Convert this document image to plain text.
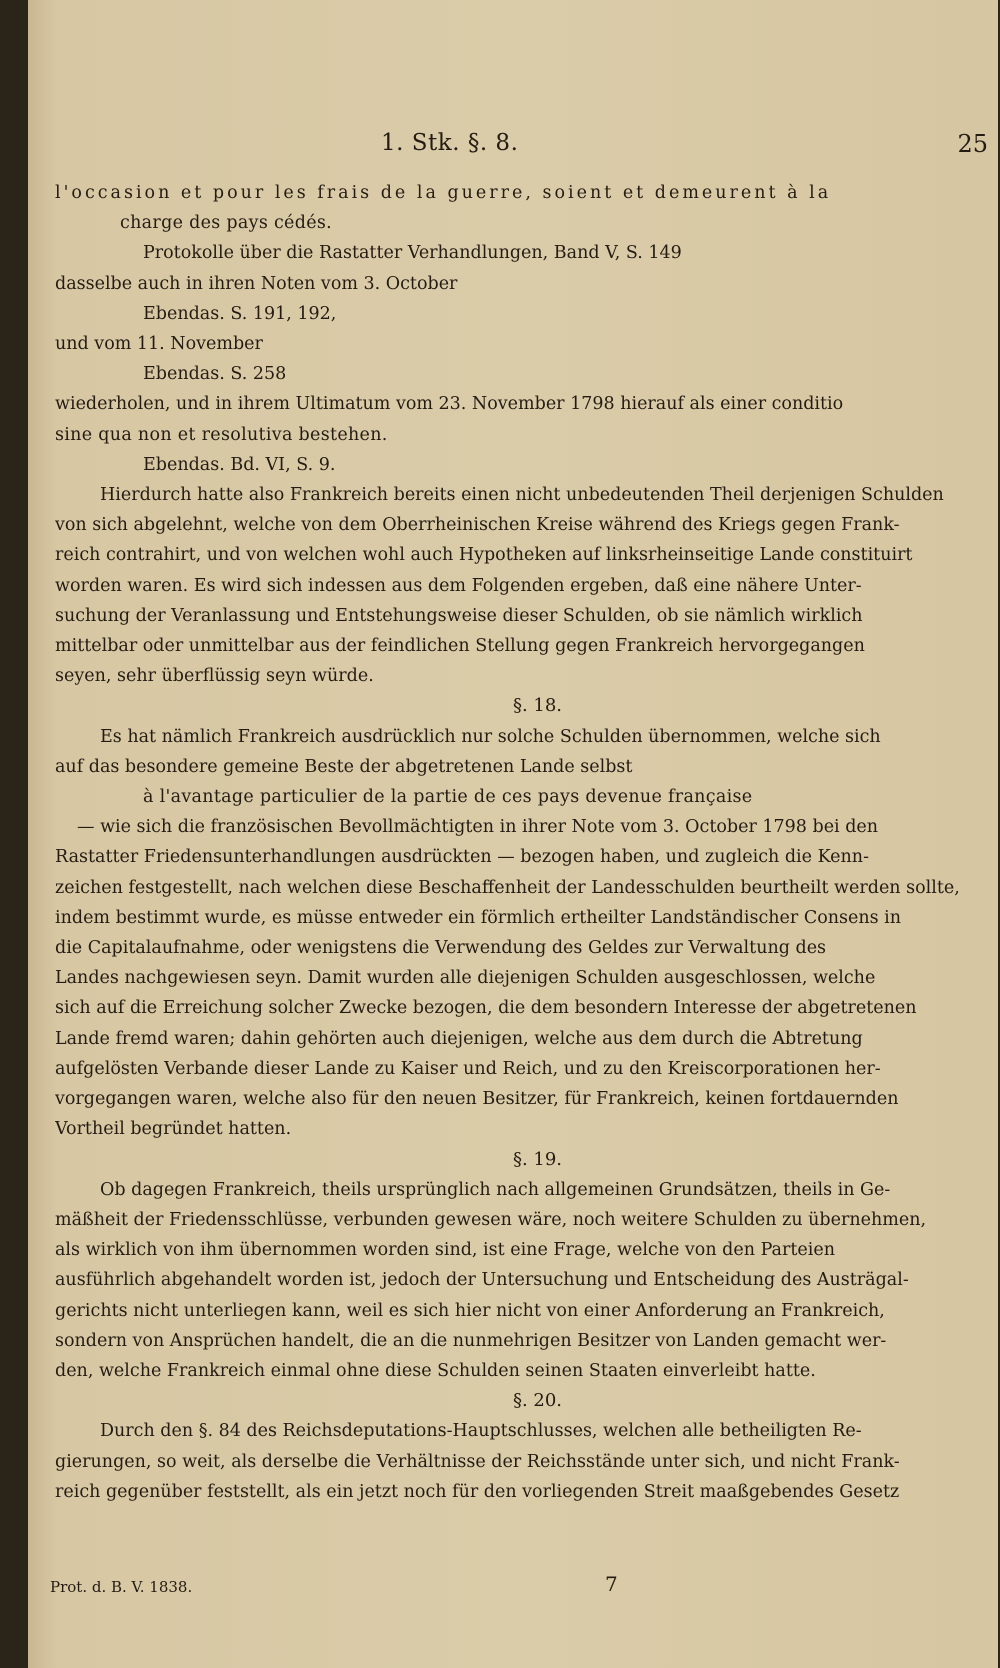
1. Stk. §. 8.	25
l'occasion et pour les frais de la guerre, soient et demeurent à la
charge des pays cédés.
Protokolle über die Rastatter Verhandlungen, Band V, S. 149
dasselbe auch in ihren Noten vom 3. October
Ebendas. S. 191, 192,
und vom 11. November
Ebendas. S. 258
wiederholen, und in ihrem Ultimatum vom 23. November 1798 hierauf als einer conditio
sine qua non et resolutiva bestehen.
Ebendas. Bd. VI, S. 9.
Hierdurch hatte also Frankreich bereits einen nicht unbedeutenden Theil derjenigen Schulden
von sich abgelehnt, welche von dem Oberrheinischen Kreise während des Kriegs gegen Frank-
reich contrahirt, und von welchen wohl auch Hypotheken auf linksrheinseitige Lande constituirt
worden waren. Es wird sich indessen aus dem Folgenden ergeben, daß eine nähere Unter-
suchung der Veranlassung und Entstehungsweise dieser Schulden, ob sie nämlich wirklich
mittelbar oder unmittelbar aus der feindlichen Stellung gegen Frankreich hervorgegangen
seyen, sehr überflüssig seyn würde.
§. 18.
Es hat nämlich Frankreich ausdrücklich nur solche Schulden übernommen, welche sich
auf das besondere gemeine Beste der abgetretenen Lande selbst
à l'avantage particulier de la partie de ces pays devenue française
— wie sich die französischen Bevollmächtigten in ihrer Note vom 3. October 1798 bei den
Rastatter Friedensunterhandlungen ausdrückten — bezogen haben, und zugleich die Kenn-
zeichen festgestellt, nach welchen diese Beschaffenheit der Landesschulden beurtheilt werden sollte,
indem bestimmt wurde, es müsse entweder ein förmlich ertheilter Landständischer Consens in
die Capitalaufnahme, oder wenigstens die Verwendung des Geldes zur Verwaltung des
Landes nachgewiesen seyn. Damit wurden alle diejenigen Schulden ausgeschlossen, welche
sich auf die Erreichung solcher Zwecke bezogen, die dem besondern Interesse der abgetretenen
Lande fremd waren; dahin gehörten auch diejenigen, welche aus dem durch die Abtretung
aufgelösten Verbande dieser Lande zu Kaiser und Reich, und zu den Kreiscorporationen her-
vorgegangen waren, welche also für den neuen Besitzer, für Frankreich, keinen fortdauernden
Vortheil begründet hatten.
§. 19.
Ob dagegen Frankreich, theils ursprünglich nach allgemeinen Grundsätzen, theils in Ge-
mäßheit der Friedensschlüsse, verbunden gewesen wäre, noch weitere Schulden zu übernehmen,
als wirklich von ihm übernommen worden sind, ist eine Frage, welche von den Parteien
ausführlich abgehandelt worden ist, jedoch der Untersuchung und Entscheidung des Austrägal-
gerichts nicht unterliegen kann, weil es sich hier nicht von einer Anforderung an Frankreich,
sondern von Ansprüchen handelt, die an die nunmehrigen Besitzer von Landen gemacht wer-
den, welche Frankreich einmal ohne diese Schulden seinen Staaten einverleibt hatte.
§. 20.
Durch den §. 84 des Reichsdeputations-Hauptschlusses, welchen alle betheiligten Re-
gierungen, so weit, als derselbe die Verhältnisse der Reichsstände unter sich, und nicht Frank-
reich gegenüber feststellt, als ein jetzt noch für den vorliegenden Streit maaßgebendes Gesetz
Prot. d. B. V. 1838.	7
